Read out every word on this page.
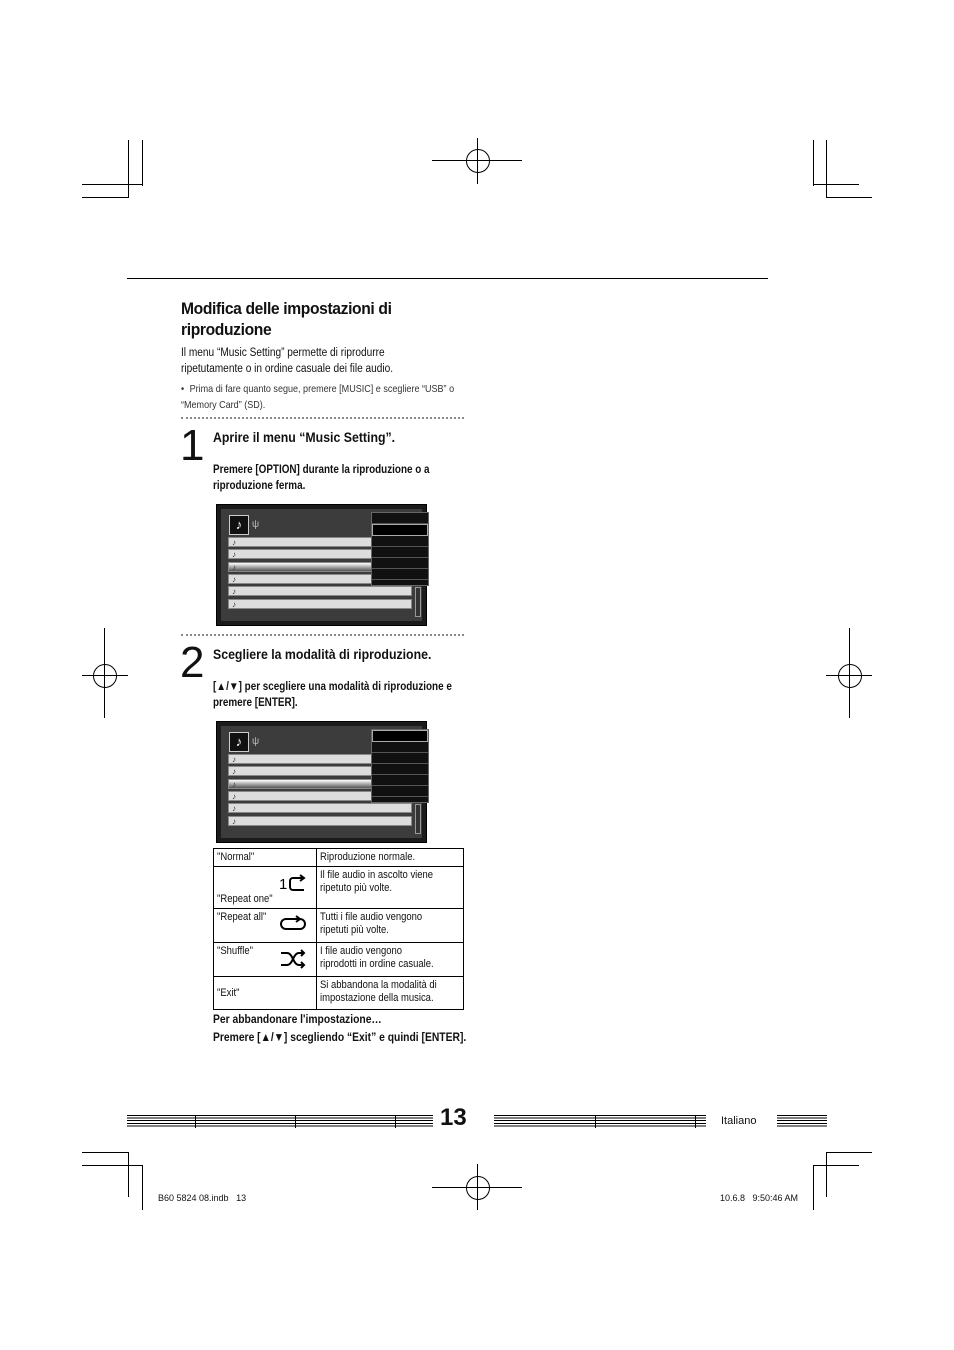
Modifica delle impostazioni di riproduzione
Il menu “Music Setting” permette di riprodurre ripetutamente o in ordine casuale dei file audio.
• Prima di fare quanto segue, premere [MUSIC] e scegliere “USB” o “Memory Card” (SD).
1 Aprire il menu “Music Setting”.
Premere [OPTION] durante la riproduzione o a riproduzione ferma.
♪ ψ
♪
♪
♪
♪
♪
♪
2 Scegliere la modalità di riproduzione.
[▲/▼] per scegliere una modalità di riproduzione e premere [ENTER].
♪ ψ
♪
♪
♪
♪
♪
♪
"Normal"	Riproduzione normale.

1
"Repeat one"	Il file audio in ascolto viene ripetuto più volte.

"Repeat all"	Tutti i file audio vengono ripetuti più volte.

"Shuffle"	I file audio vengono riprodotti in ordine casuale.
"Exit"	Si abbandona la modalità di impostazione della musica.
Per abbandonare l'impostazione…
Premere [▲/▼] scegliendo “Exit” e quindi [ENTER].
13	Italiano
B60 5824 08.indb   13	10.6.8   9:50:46 AM
